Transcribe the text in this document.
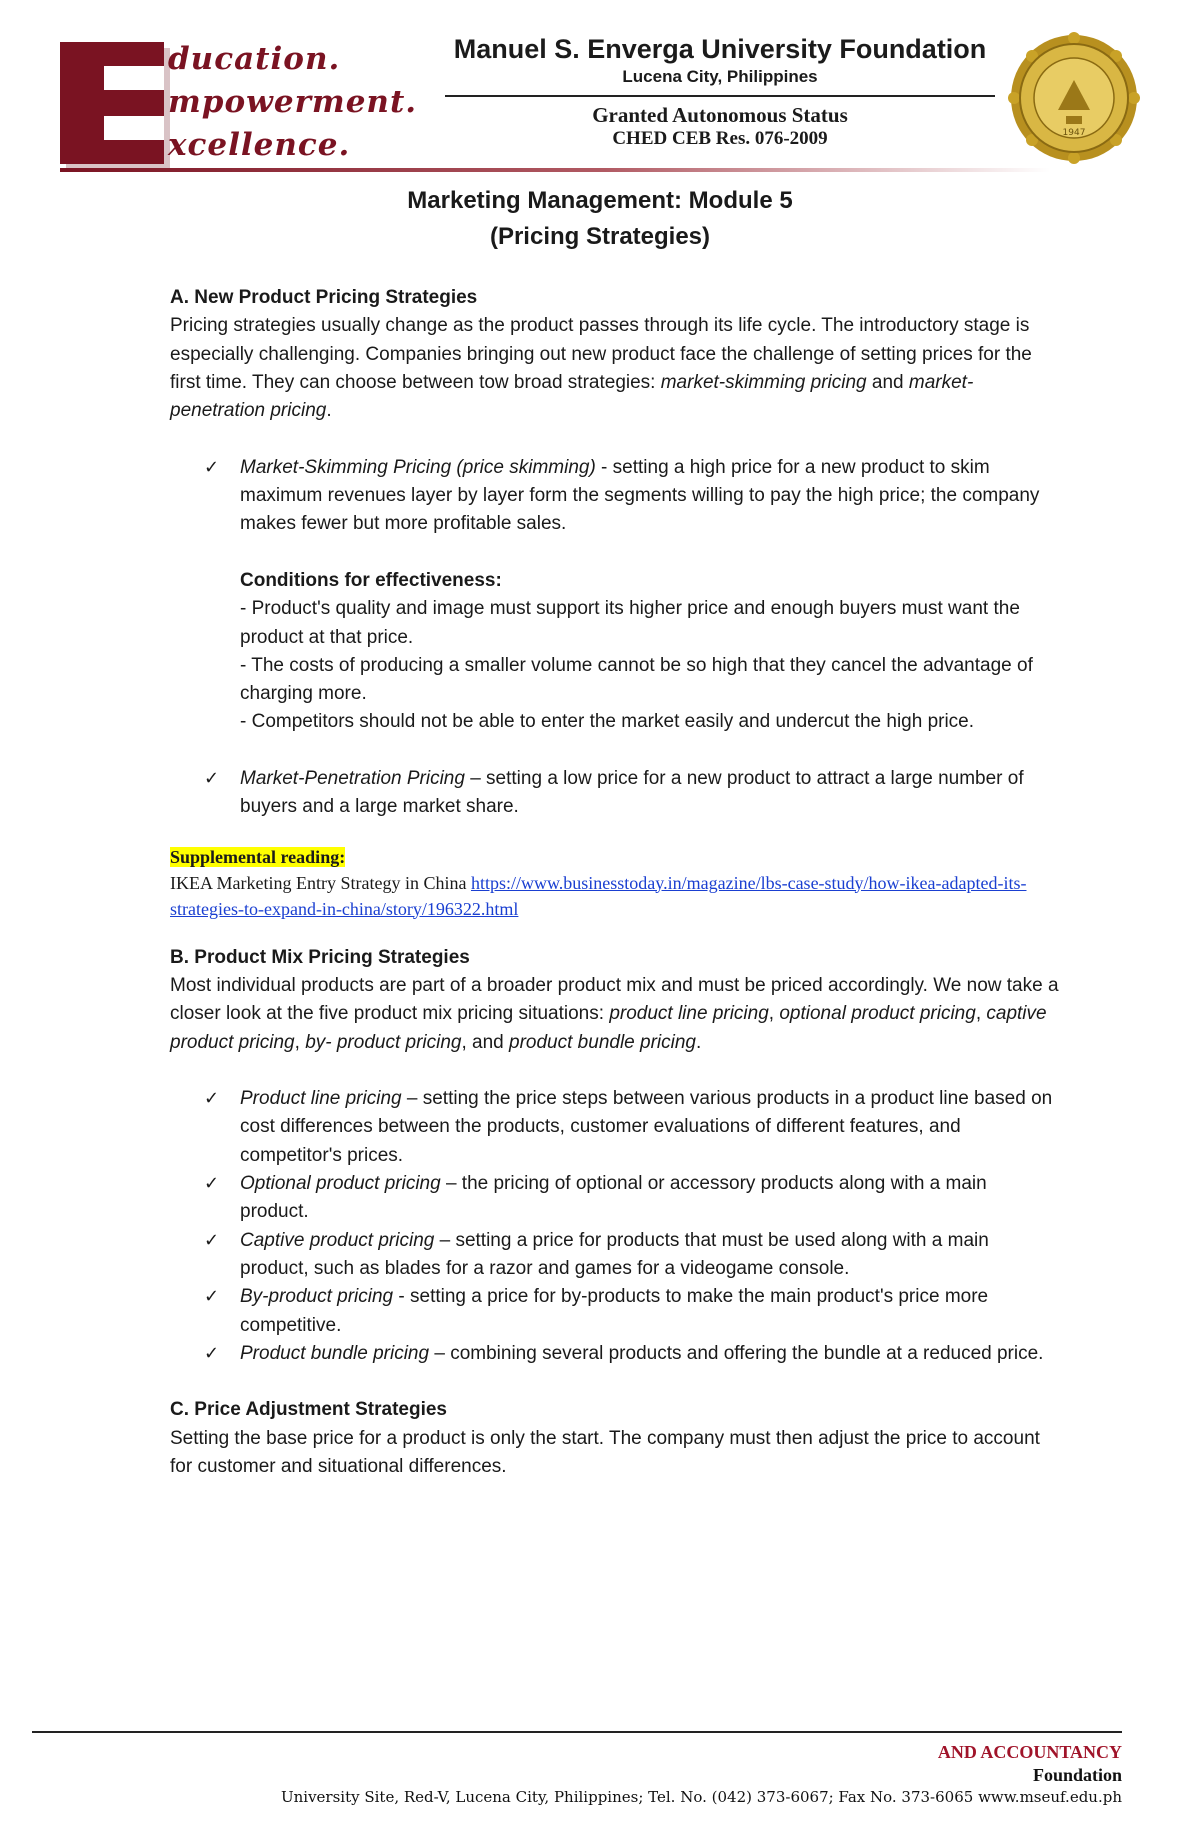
ducation.
mpowerment.
xcellence.
Manuel S. Enverga University Foundation
Lucena City, Philippines
Granted Autonomous Status
CHED CEB Res. 076-2009	1947
Marketing Management: Module 5
(Pricing Strategies)

A. New Product Pricing Strategies

Pricing strategies usually change as the product passes through its life cycle. The introductory stage is especially challenging. Companies bringing out new product face the challenge of setting prices for the first time. They can choose between tow broad strategies: market-skimming pricing and market-penetration pricing.

✓ Market-Skimming Pricing (price skimming) - setting a high price for a new product to skim maximum revenues layer by layer form the segments willing to pay the high price; the company makes fewer but more profitable sales.

Conditions for effectiveness:

- Product's quality and image must support its higher price and enough buyers must want the product at that price.

- The costs of producing a smaller volume cannot be so high that they cancel the advantage of charging more.

- Competitors should not be able to enter the market easily and undercut the high price.

✓ Market-Penetration Pricing – setting a low price for a new product to attract a large number of buyers and a large market share.

Supplemental reading:

IKEA Marketing Entry Strategy in China https://www.businesstoday.in/magazine/lbs-case-study/how-ikea-adapted-its-strategies-to-expand-in-china/story/196322.html

B. Product Mix Pricing Strategies

Most individual products are part of a broader product mix and must be priced accordingly. We now take a closer look at the five product mix pricing situations: product line pricing, optional product pricing, captive product pricing, by- product pricing, and product bundle pricing.

✓ Product line pricing – setting the price steps between various products in a product line based on cost differences between the products, customer evaluations of different features, and competitor's prices.

✓ Optional product pricing – the pricing of optional or accessory products along with a main product.

✓ Captive product pricing – setting a price for products that must be used along with a main product, such as blades for a razor and games for a videogame console.

✓ By-product pricing - setting a price for by-products to make the main product's price more competitive.

✓ Product bundle pricing – combining several products and offering the bundle at a reduced price.

C. Price Adjustment Strategies

Setting the base price for a product is only the start. The company must then adjust the price to account for customer and situational differences.

AND ACCOUNTANCY
Foundation
University Site, Red-V, Lucena City, Philippines; Tel. No. (042) 373-6067; Fax No. 373-6065 www.mseuf.edu.ph
